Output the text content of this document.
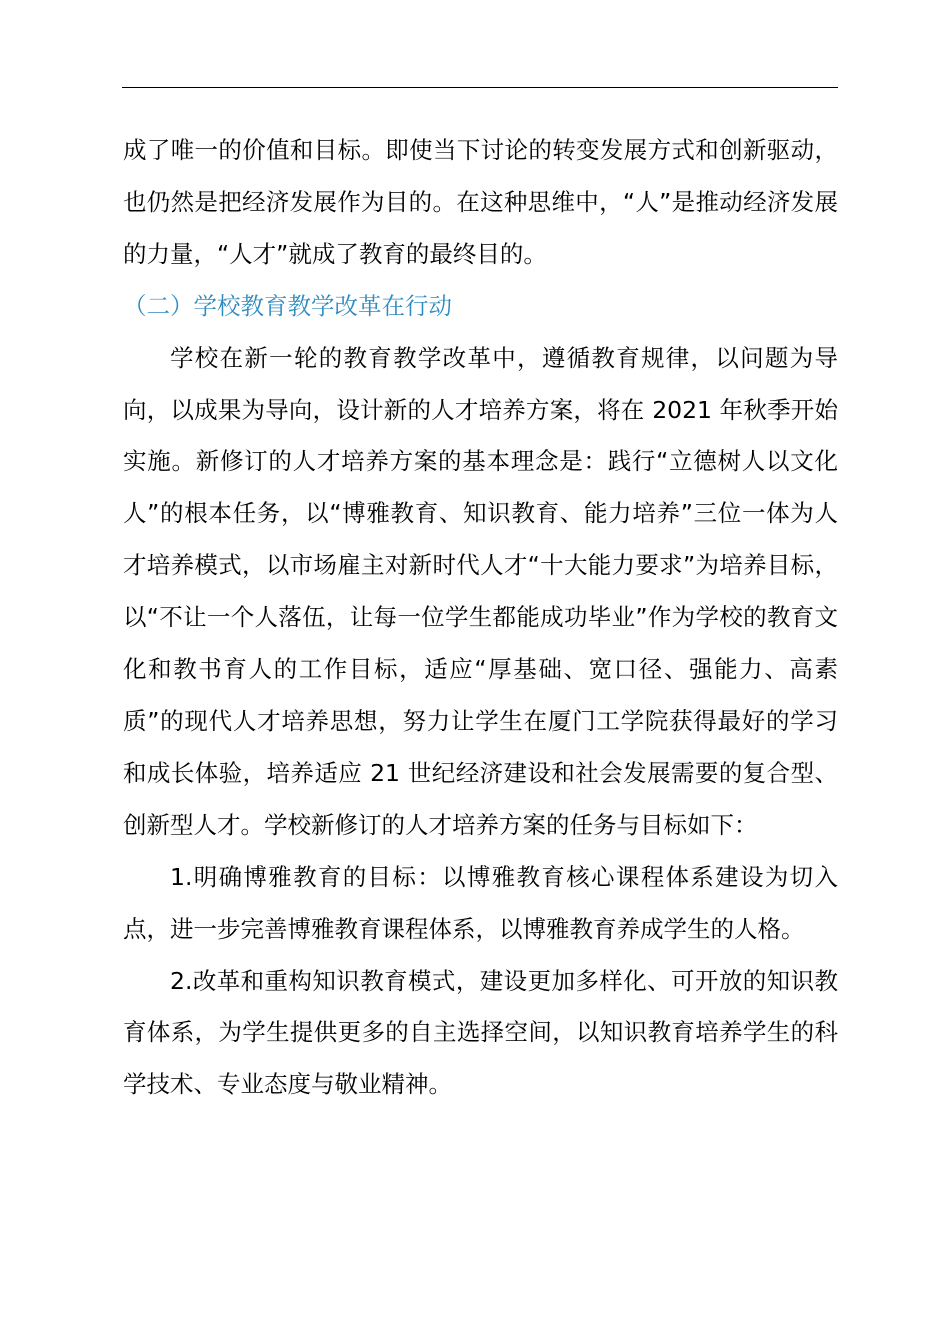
成了唯一的价值和目标。即使当下讨论的转变发展方式和创新驱动，也仍然是把经济发展作为目的。在这种思维中，“人”是推动经济发展的力量，“人才”就成了教育的最终目的。

（二）学校教育教学改革在行动

学校在新一轮的教育教学改革中，遵循教育规律，以问题为导向，以成果为导向，设计新的人才培养方案，将在 2021 年秋季开始实施。新修订的人才培养方案的基本理念是：践行“立德树人以文化人”的根本任务，以“博雅教育、知识教育、能力培养”三位一体为人才培养模式，以市场雇主对新时代人才“十大能力要求”为培养目标，以“不让一个人落伍，让每一位学生都能成功毕业”作为学校的教育文化和教书育人的工作目标，适应“厚基础、宽口径、强能力、高素质”的现代人才培养思想，努力让学生在厦门工学院获得最好的学习和成长体验，培养适应 21 世纪经济建设和社会发展需要的复合型、创新型人才。学校新修订的人才培养方案的任务与目标如下：

1.明确博雅教育的目标：以博雅教育核心课程体系建设为切入点，进一步完善博雅教育课程体系，以博雅教育养成学生的人格。

2.改革和重构知识教育模式，建设更加多样化、可开放的知识教育体系，为学生提供更多的自主选择空间，以知识教育培养学生的科学技术、专业态度与敬业精神。
